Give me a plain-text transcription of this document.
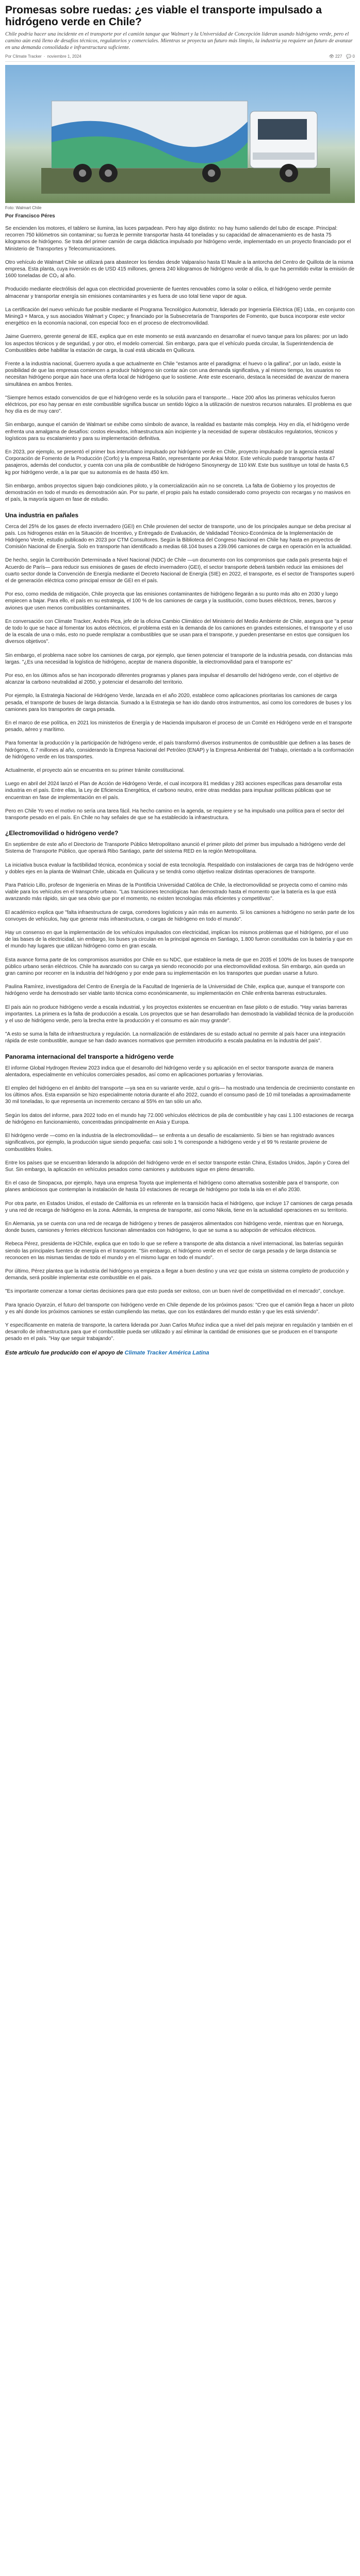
Promesas sobre ruedas: ¿es viable el transporte impulsado a hidrógeno verde en Chile?
Chile podría hacer una incidente en el transporte por el camión tanque que Walmart y la Universidad de Concepción lideran usando hidrógeno verde, pero el camino aún está lleno de desafíos técnicos, regulatorios y comerciales. Mientras se proyecta un futuro más limpio, la industria ya requiere un futuro de avanzar en una demanda consolidada e infraestructura suficiente.
Por Climate Tracker · noviembre 1, 2024	👁 227 💬 0
Foto: Walmart Chile
Por Francisco Péres

Se encienden los motores, el tablero se ilumina, las luces parpadean. Pero hay algo distinto: no hay humo saliendo del tubo de escape. Principal: recorren 750 kilómetros sin contaminar; su fuerza le permite transportar hasta 44 toneladas y su capacidad de almacenamiento es de hasta 75 kilogramos de hidrógeno. Se trata del primer camión de carga didáctica impulsado por hidrógeno verde, implementado en un proyecto financiado por el Ministerio de Transportes y Telecomunicaciones.

Otro vehículo de Walmart Chile se utilizará para abastecer los tiendas desde Valparaíso hasta El Maule a la antorcha del Centro de Quillota de la misma empresa. Esta planta, cuya inversión es de USD 415 millones, genera 240 kilogramos de hidrógeno verde al día, lo que ha permitido evitar la emisión de 1600 toneladas de CO₂ al año.

Producido mediante electrólisis del agua con electricidad proveniente de fuentes renovables como la solar o eólica, el hidrógeno verde permite almacenar y transportar energía sin emisiones contaminantes y es fuera de uso total tiene vapor de agua.

La certificación del nuevo vehículo fue posible mediante el Programa Tecnológico Automotriz, liderado por Ingeniería Eléctrica (IE) Ltda., en conjunto con Mining3 + Marca, y sus asociados Walmart y Copec; y financiado por la Subsecretaría de Transportes de Fomento, que busca incorporar este vector energético en la economía nacional, con especial foco en el proceso de electromovilidad.

Jaime Guerrero, gerente general de IEE, explica que en este momento se está avanzando en desarrollar el nuevo tanque para los pilares: por un lado los aspectos técnicos y de seguridad, y por otro, el modelo comercial. Sin embargo, para que el vehículo pueda circular, la Superintendencia de Combustibles debe habilitar la estación de carga, la cual está ubicada en Quilicura.

Frente a la industria nacional, Guerrero ayuda a que actualmente en Chile "estamos ante el paradigma: el huevo o la gallina", por un lado, existe la posibilidad de que las empresas comiencen a producir hidrógeno sin contar aún con una demanda significativa, y al mismo tiempo, los usuarios no necesitan hidrógeno porque aún hace una oferta local de hidrógeno que lo sostiene. Ante este escenario, destaca la necesidad de avanzar de manera simultánea en ambos frentes.

"Siempre hemos estado convencidos de que el hidrógeno verde es la solución para el transporte... Hace 200 años las primeras vehículos fueron eléctricos, por eso hay pensar en este combustible significa buscar un sentido lógico a la utilización de nuestros recursos naturales. El problema es que hoy día es de muy caro".

Sin embargo, aunque el camión de Walmart se exhibe como símbolo de avance, la realidad es bastante más compleja. Hoy en día, el hidrógeno verde enfrenta una amalgama de desafíos: costos elevados, infraestructura aún incipiente y la necesidad de superar obstáculos regulatorios, técnicos y logísticos para su escalamiento y para su implementación definitiva.

En 2023, por ejemplo, se presentó el primer bus interurbano impulsado por hidrógeno verde en Chile, proyecto impulsado por la agencia estatal Corporación de Fomento de la Producción (Corfo) y la empresa Ratón, representante por Ankai Motor. Este vehículo puede transportar hasta 47 pasajeros, además del conductor, y cuenta con una pila de combustible de hidrógeno Sinosynergy de 110 kW. Este bus sustituye un total de hasta 6,5 kg por hidrógeno verde, a la par que su autonomía es de hasta 450 km.

Sin embargo, ambos proyectos siguen bajo condiciones piloto, y la comercialización aún no se concreta. La falta de Gobierno y los proyectos de demostración en todo el mundo es demostración aún. Por su parte, el propio país ha estado considerado como proyecto con recargas y no masivos en el país, la mayoría siguen en fase de estudio.

Una industria en pañales

Cerca del 25% de los gases de efecto invernadero (GEI) en Chile provienen del sector de transporte, uno de los principales aunque se deba precisar al país. Los hidrogenos están en la Situación de Incentivo, y Entregado de Evaluación, de Validadad Técnico-Económica de la Implementación de Hidrógeno Verde, estudio publicado en 2023 por CTM Consultores. Según la Biblioteca del Congreso Nacional en Chile hay hasta en proyectos de Comisión Nacional de Energía. Solo en transporte han identificado a medias 68.104 buses a 239.096 camiones de carga en operación en la actualidad.

De hecho, según la Contribución Determinada a Nivel Nacional (NDC) de Chile —un documento con los compromisos que cada país presenta bajo el Acuerdo de París— para reducir sus emisiones de gases de efecto invernadero (GEI), el sector transporte deberá también reducir las emisiones del cuarto sector donde la Convención de Energía mediante el Decreto Nacional de Energía (SIE) en 2022, el transporte, es el sector de Transportes superó el de generación eléctrica como principal emisor de GEI en el país.

Por eso, como medida de mitigación, Chile proyecta que las emisiones contaminantes de hidrógeno llegarán a su punto más alto en 2030 y luego empiecen a bajar. Para ello, el país en su estrategia, el 100 % de los camiones de carga y la sustitución, como buses eléctricos, trenes, barcos y aviones que usen menos combustibles contaminantes.

En conversación con Climate Tracker, Andrés Pica, jefe de la oficina Cambio Climático del Ministerio del Medio Ambiente de Chile, asegura que "a pesar de todo lo que se hace al fomentar los autos eléctricos, el problema está en la demanda de los camiones en grandes extensiones, el transporte y el uso de la escala de una o más, esto no puede remplazar a combustibles que se usan para el transporte, y pueden presentarse en estos que consiguen los diversos objetivos".

Sin embargo, el problema nace sobre los camiones de carga, por ejemplo, que tienen potenciar el transporte de la industria pesada, con distancias más largas. "¿Es una necesidad la logística de hidrógeno, aceptar de manera disponible, la electromovilidad para el transporte es"

Por eso, en los últimos años se han incorporado diferentes programas y planes para impulsar el desarrollo del hidrógeno verde, con el objetivo de alcanzar la carbono neutralidad al 2050, y potenciar el desarrollo del territorio.

Por ejemplo, la Estrategia Nacional de Hidrógeno Verde, lanzada en el año 2020, establece como aplicaciones prioritarias los camiones de carga pesada, el transporte de buses de larga distancia. Sumado a la Estrategia se han ido dando otros instrumentos, así como los corredores de buses y los camiones para los transportes de carga pesada.

En el marco de ese política, en 2021 los ministerios de Energía y de Hacienda impulsaron el proceso de un Comité en Hidrógeno verde en el transporte pesado, aéreo y marítimo.

Para fomentar la producción y la participación de hidrógeno verde, el país transformó diversos instrumentos de combustible que definen a las bases de hidrógeno, 6.7 millones al año, considerando la Empresa Nacional del Petróleo (ENAP) y la Empresa Ambiental del Trabajo, orientado a la conformación de hidrógeno verde en los transportes.

Actualmente, el proyecto aún se encuentra en su primer trámite constitucional.

Luego en abril del 2024 lanzó el Plan de Acción de Hidrógeno Verde, el cual incorpora 81 medidas y 283 acciones específicas para desarrollar esta industria en el país. Entre ellas, la Ley de Eficiencia Energética, el carbono neutro, entre otras medidas para impulsar políticas públicas que se encuentran en fase de implementación en el país.

Pero en Chile Yo veo el motivo no sería una tarea fácil. Ha hecho camino en la agenda, se requiere y se ha impulsado una política para el sector del transporte pesado en el país. En Chile no hay señales de que se ha establecido la infraestructura.

¿Electromovilidad o hidrógeno verde?

En septiembre de este año el Directorio de Transporte Público Metropolitano anunció el primer piloto del primer bus impulsado a hidrógeno verde del Sistema de Transporte Público, que operará Ribo Santiago, parte del sistema RED en la región Metropolitana.

La iniciativa busca evaluar la factibilidad técnica, económica y social de esta tecnología. Respaldado con instalaciones de carga tras de hidrógeno verde y dobles ejes en la planta de Walmart Chile, ubicada en Quilicura y se tendrá como objetivo realizar distintas operaciones de transporte.

Para Patricio Lillo, profesor de Ingeniería en Minas de la Pontificia Universidad Católica de Chile, la electromovilidad se proyecta como el camino más viable para los vehículos en el transporte urbano. "Las transiciones tecnológicas han demostrado hasta el momento que la batería es la que está avanzando más rápido, sin que sea obvio que por el momento, no existen tecnologías más eficientes y competitivas".

El académico explica que "falta infraestructura de carga, corredores logísticos y aún más en aumento. Si los camiones a hidrógeno no serán parte de los convoyes de vehículos, hay que generar más infraestructura, o cargas de hidrógeno en todo el mundo".

Hay un consenso en que la implementación de los vehículos impulsados con electricidad, implican los mismos problemas que el hidrógeno, por el uso de las bases de la electricidad, sin embargo, los buses ya circulan en la principal agencia en Santiago, 1.800 fueron constituidas con la batería y que en el mundo hay lugares que utilizan hidrógeno como en gran escala.

Esta avance forma parte de los compromisos asumidos por Chile en su NDC, que establece la meta de que en 2035 el 100% de los buses de transporte público urbano serán eléctricos. Chile ha avanzado con su carga ya siendo reconocido por una electromovilidad exitosa. Sin embargo, aún queda un gran camino por recorrer en la industria del hidrógeno y por ende para su implementación en los transportes que puedan usarse a futuro.

Paulina Ramírez, investigadora del Centro de Energía de la Facultad de Ingeniería de la Universidad de Chile, explica que, aunque el transporte con hidrógeno verde ha demostrado ser viable tanto técnica como económicamente, su implementación en Chile enfrenta barreras estructurales.

El país aún no produce hidrógeno verde a escala industrial, y los proyectos existentes se encuentran en fase piloto o de estudio. "Hay varias barreras importantes. La primera es la falta de producción a escala. Los proyectos que se han desarrollado han demostrado la viabilidad técnica de la producción y el uso de hidrógeno verde, pero la brecha entre la producción y el consumo es aún muy grande".

"A esto se suma la falta de infraestructura y regulación. La normalización de estándares de su estado actual no permite al país hacer una integración rápida de este combustible, aunque se han dado avances normativos que permiten introducirlo a escala paulatina en la industria del país".

Panorama internacional del transporte a hidrógeno verde

El informe Global Hydrogen Review 2023 indica que el desarrollo del hidrógeno verde y su aplicación en el sector transporte avanza de manera alentadora, especialmente en vehículos comerciales pesados, así como en aplicaciones portuarias y ferroviarias.

El empleo del hidrógeno en el ámbito del transporte —ya sea en su variante verde, azul o gris— ha mostrado una tendencia de crecimiento constante en los últimos años. Esta expansión se hizo especialmente notoria durante el año 2022, cuando el consumo pasó de 10 mil toneladas a aproximadamente 30 mil toneladas, lo que representa un incremento cercano al 55% en tan sólo un año.

Según los datos del informe, para 2022 todo en el mundo hay 72.000 vehículos eléctricos de pila de combustible y hay casi 1.100 estaciones de recarga de hidrógeno en funcionamiento, concentradas principalmente en Asia y Europa.

El hidrógeno verde —como en la industria de la electromovilidad— se enfrenta a un desafío de escalamiento. Si bien se han registrado avances significativos, por ejemplo, la producción sigue siendo pequeña: casi solo 1 % corresponde a hidrógeno verde y el 99 % restante proviene de combustibles fósiles.

Entre los países que se encuentran liderando la adopción del hidrógeno verde en el sector transporte están China, Estados Unidos, Japón y Corea del Sur. Sin embargo, la aplicación en vehículos pesados como camiones y autobuses sigue en pleno desarrollo.

En el caso de Sinopacxa, por ejemplo, haya una empresa Toyota que implementa el hidrógeno como alternativa sostenible para el transporte, con planes ambiciosos que contemplan la instalación de hasta 10 estaciones de recarga de hidrógeno por toda la isla en el año 2030.

Por otra parte, en Estados Unidos, el estado de California es un referente en la transición hacia el hidrógeno, que incluye 17 camiones de carga pesada y una red de recarga de hidrógeno en la zona. Además, la empresa de transporte, así como Nikola, tiene en la actualidad operaciones en su territorio.

En Alemania, ya se cuenta con una red de recarga de hidrógeno y trenes de pasajeros alimentados con hidrógeno verde, mientras que en Noruega, donde buses, camiones y ferries eléctricos funcionan alimentados con hidrógeno, lo que se suma a su adopción de vehículos eléctricos.

Rebeca Pérez, presidenta de H2Chile, explica que en todo lo que se refiere a transporte de alta distancia a nivel internacional, las baterías seguirán siendo las principales fuentes de energía en el transporte. "Sin embargo, el hidrógeno verde en el sector de carga pesada y de larga distancia se reconocen en las mismas tiendas de todo el mundo y en el mismo lugar en todo el mundo".

Por último, Pérez plantea que la industria del hidrógeno ya empieza a llegar a buen destino y una vez que exista un sistema completo de producción y demanda, será posible implementar este combustible en el país.

"Es importante comenzar a tomar ciertas decisiones para que esto pueda ser exitoso, con un buen nivel de competitividad en el mercado", concluye.

Para Ignacio Oyarzún, el futuro del transporte con hidrógeno verde en Chile depende de los próximos pasos: "Creo que el camión llega a hacer un piloto y es ahí donde los próximos camiones se están cumpliendo las metas, que con los estándares del mundo están y que les está sirviendo".

Y específicamente en materia de transporte, la cartera liderada por Juan Carlos Muñoz indica que a nivel del país mejorar en regulación y también en el desarrollo de infraestructura para que el combustible pueda ser utilizado y así eliminar la cantidad de emisiones que se producen en el transporte pesado en el país. "Hay que seguir trabajando".

Este artículo fue producido con el apoyo de Climate Tracker América Latina
